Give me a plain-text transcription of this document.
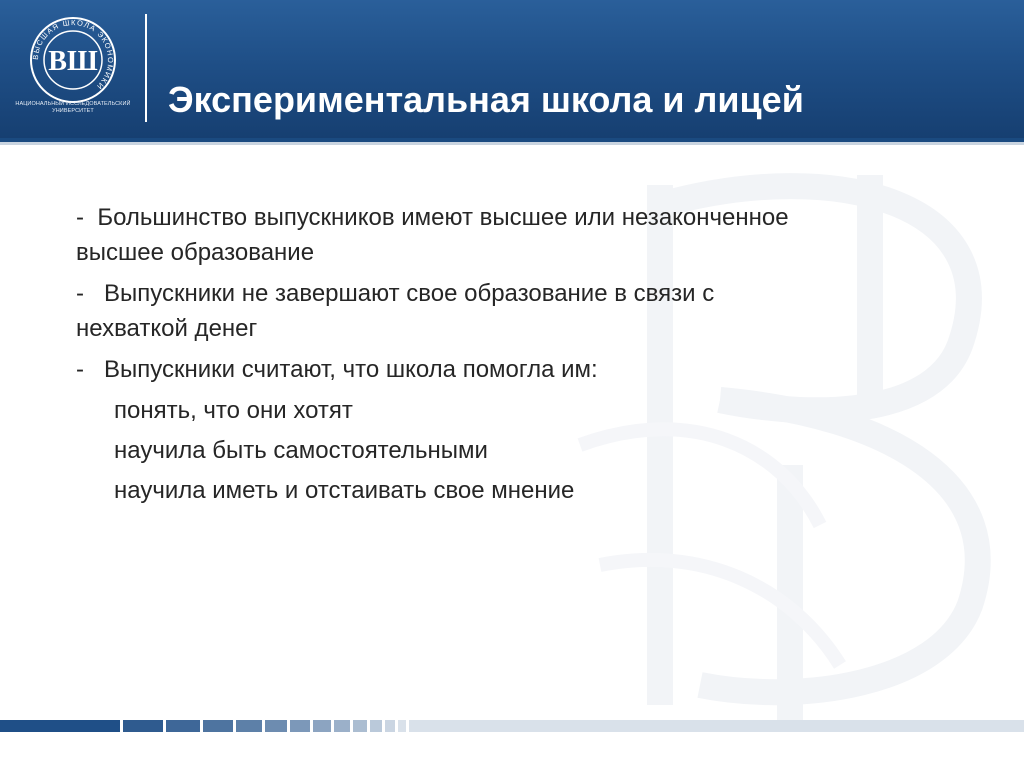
ВЫСШАЯ ШКОЛА ЭКОНОМИКИ
ВШ
НАЦИОНАЛЬНЫЙ ИССЛЕДОВАТЕЛЬСКИЙ
УНИВЕРСИТЕТ	Экспериментальная школа и лицей
- Большинство выпускников имеют высшее или незаконченное
высшее образование
- Выпускники не завершают свое образование в связи с
нехваткой денег
- Выпускники считают, что школа помогла им:
понять, что они хотят
научила быть самостоятельными
научила иметь и отстаивать свое мнение
